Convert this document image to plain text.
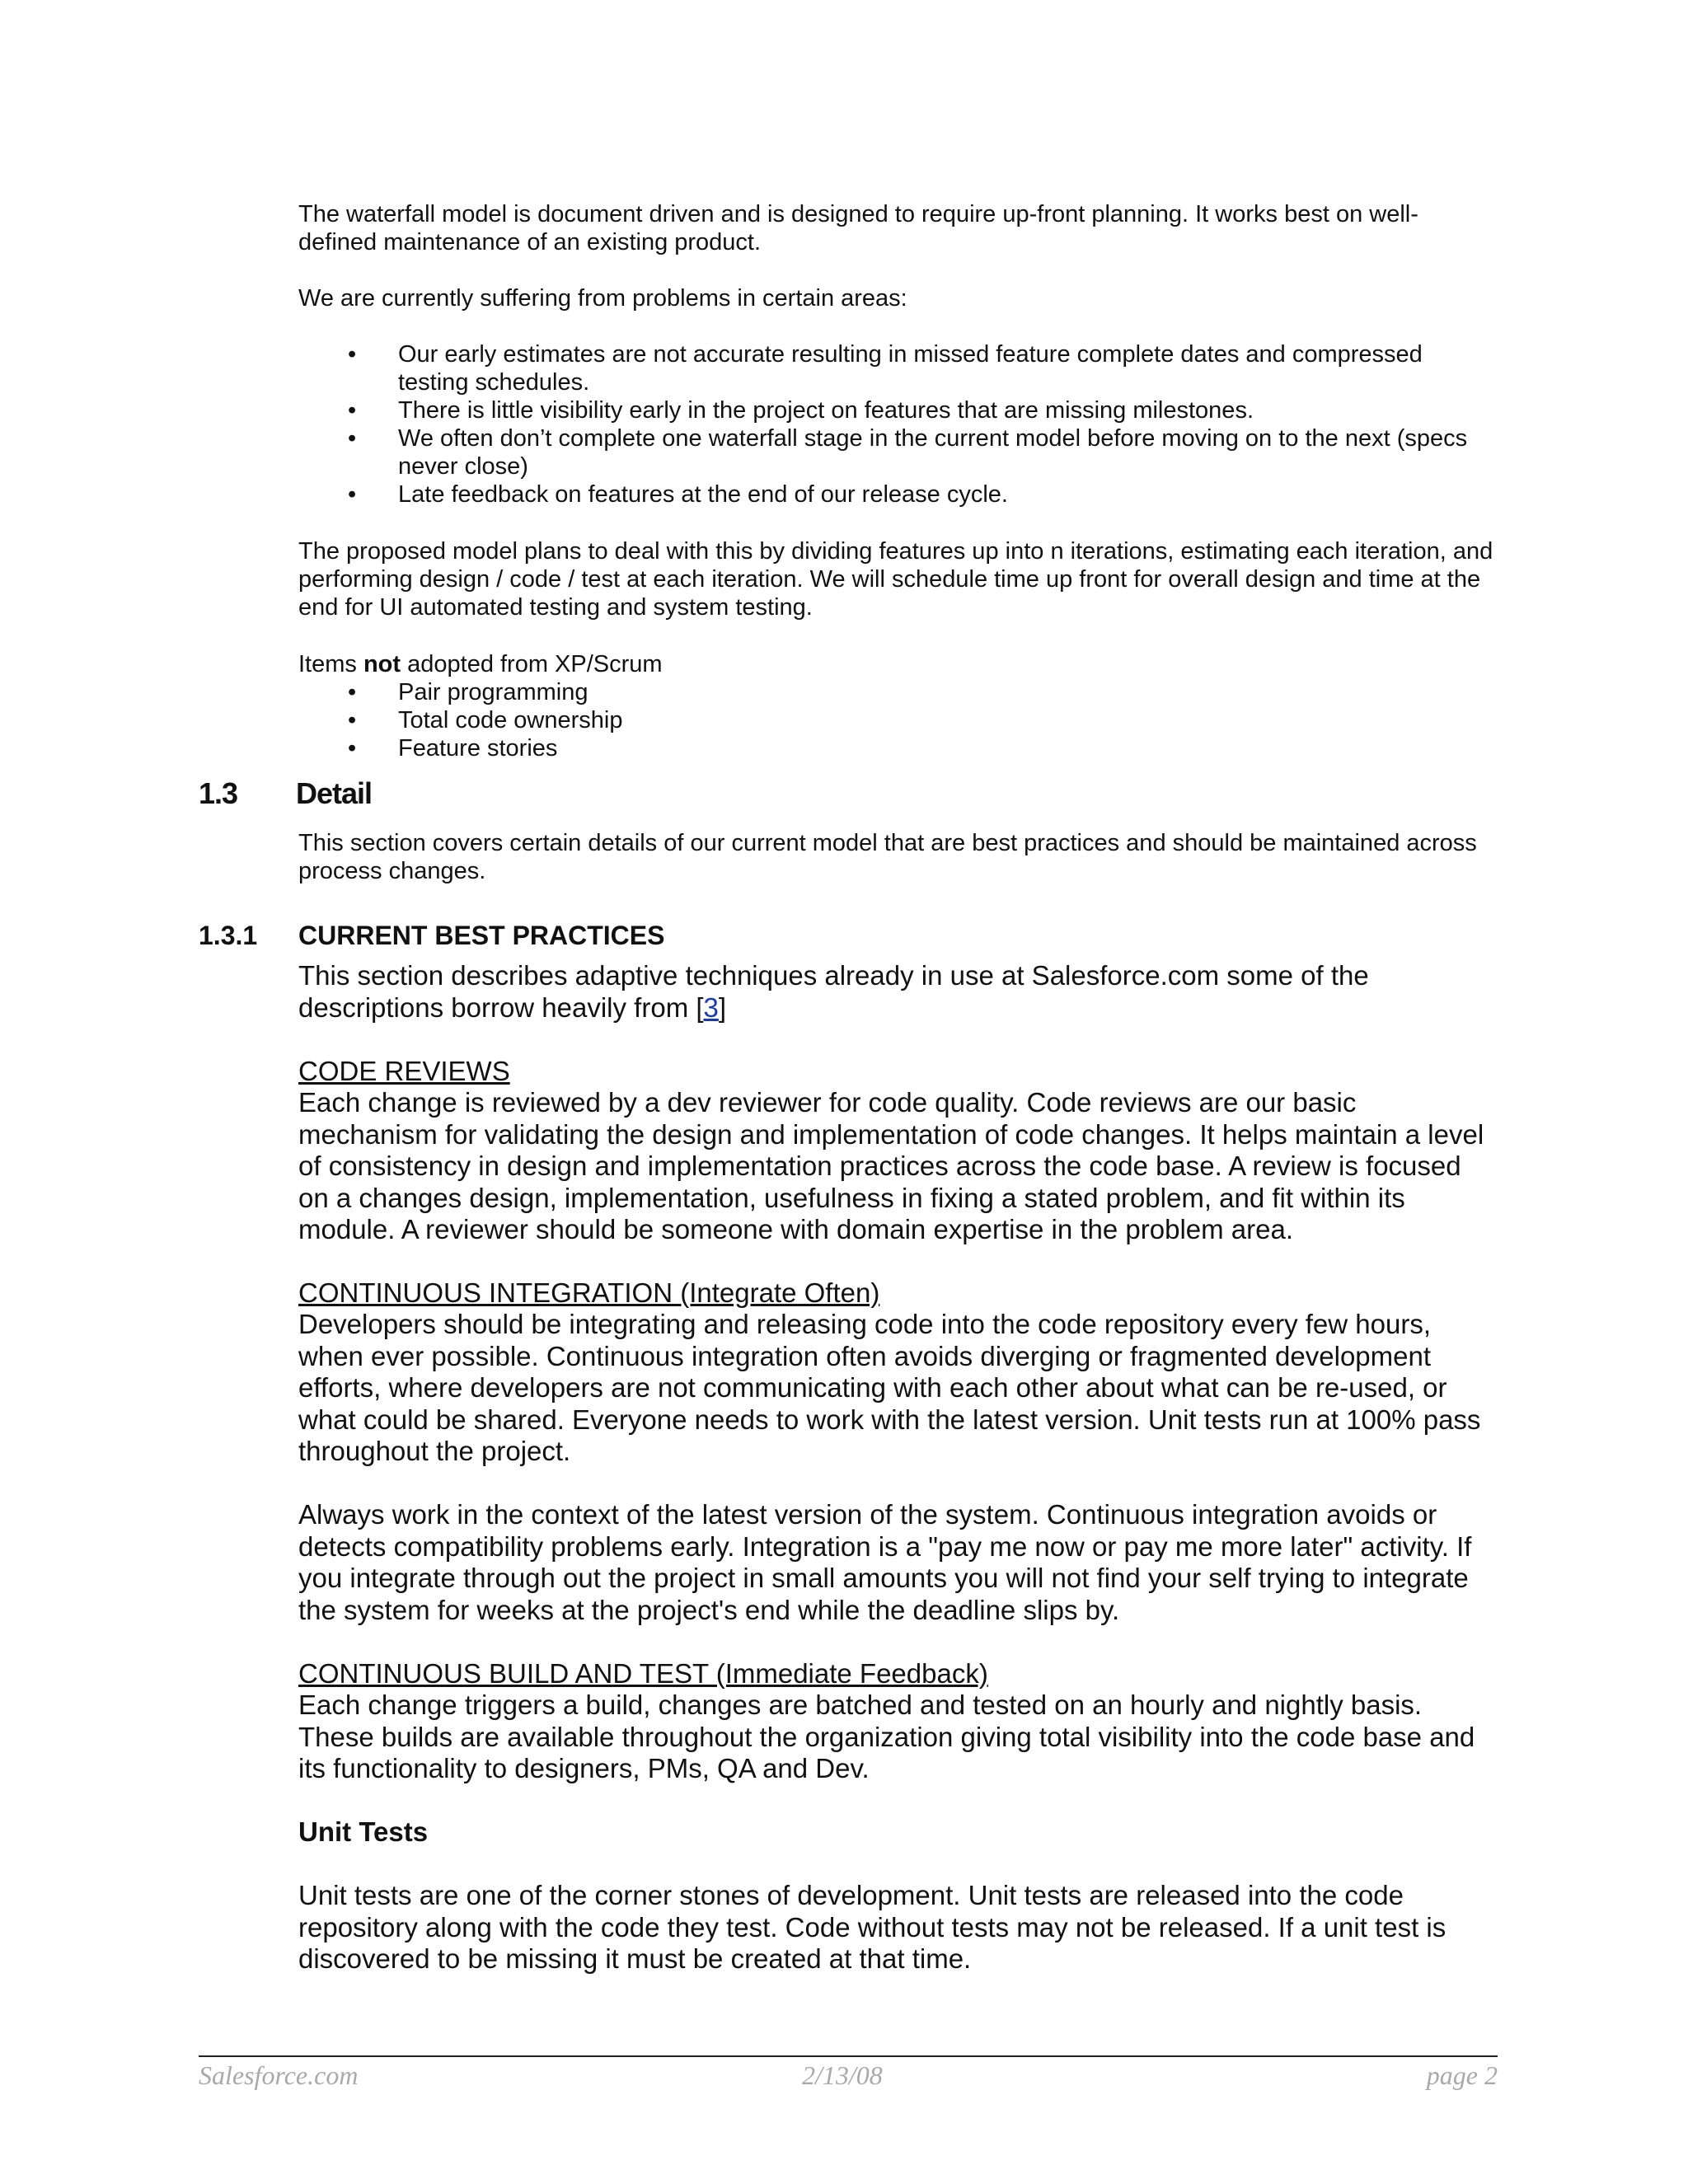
The waterfall model is document driven and is designed to require up-front planning. It works best on well-defined maintenance of an existing product.

We are currently suffering from problems in certain areas:

• Our early estimates are not accurate resulting in missed feature complete dates and compressed testing schedules.
• There is little visibility early in the project on features that are missing milestones.
• We often don’t complete one waterfall stage in the current model before moving on to the next (specs never close)
• Late feedback on features at the end of our release cycle.

The proposed model plans to deal with this by dividing features up into n iterations, estimating each iteration, and performing design / code / test at each iteration. We will schedule time up front for overall design and time at the end for UI automated testing and system testing.

Items not adopted from XP/Scrum

• Pair programming
• Total code ownership
• Feature stories
1.3 Detail

This section covers certain details of our current model that are best practices and should be maintained across process changes.

1.3.1 CURRENT BEST PRACTICES

This section describes adaptive techniques already in use at Salesforce.com some of the descriptions borrow heavily from [3]

CODE REVIEWS

Each change is reviewed by a dev reviewer for code quality. Code reviews are our basic mechanism for validating the design and implementation of code changes. It helps maintain a level of consistency in design and implementation practices across the code base. A review is focused on a changes design, implementation, usefulness in fixing a stated problem, and fit within its module. A reviewer should be someone with domain expertise in the problem area.

CONTINUOUS INTEGRATION (Integrate Often)

Developers should be integrating and releasing code into the code repository every few hours, when ever possible. Continuous integration often avoids diverging or fragmented development efforts, where developers are not communicating with each other about what can be re-used, or what could be shared. Everyone needs to work with the latest version. Unit tests run at 100% pass throughout the project.

Always work in the context of the latest version of the system. Continuous integration avoids or detects compatibility problems early. Integration is a "pay me now or pay me more later" activity. If you integrate through out the project in small amounts you will not find your self trying to integrate the system for weeks at the project's end while the deadline slips by.

CONTINUOUS BUILD AND TEST (Immediate Feedback)

Each change triggers a build, changes are batched and tested on an hourly and nightly basis. These builds are available throughout the organization giving total visibility into the code base and its functionality to designers, PMs, QA and Dev.

Unit Tests

Unit tests are one of the corner stones of development. Unit tests are released into the code repository along with the code they test. Code without tests may not be released. If a unit test is discovered to be missing it must be created at that time.

Salesforce.com	2/13/08	page 2
